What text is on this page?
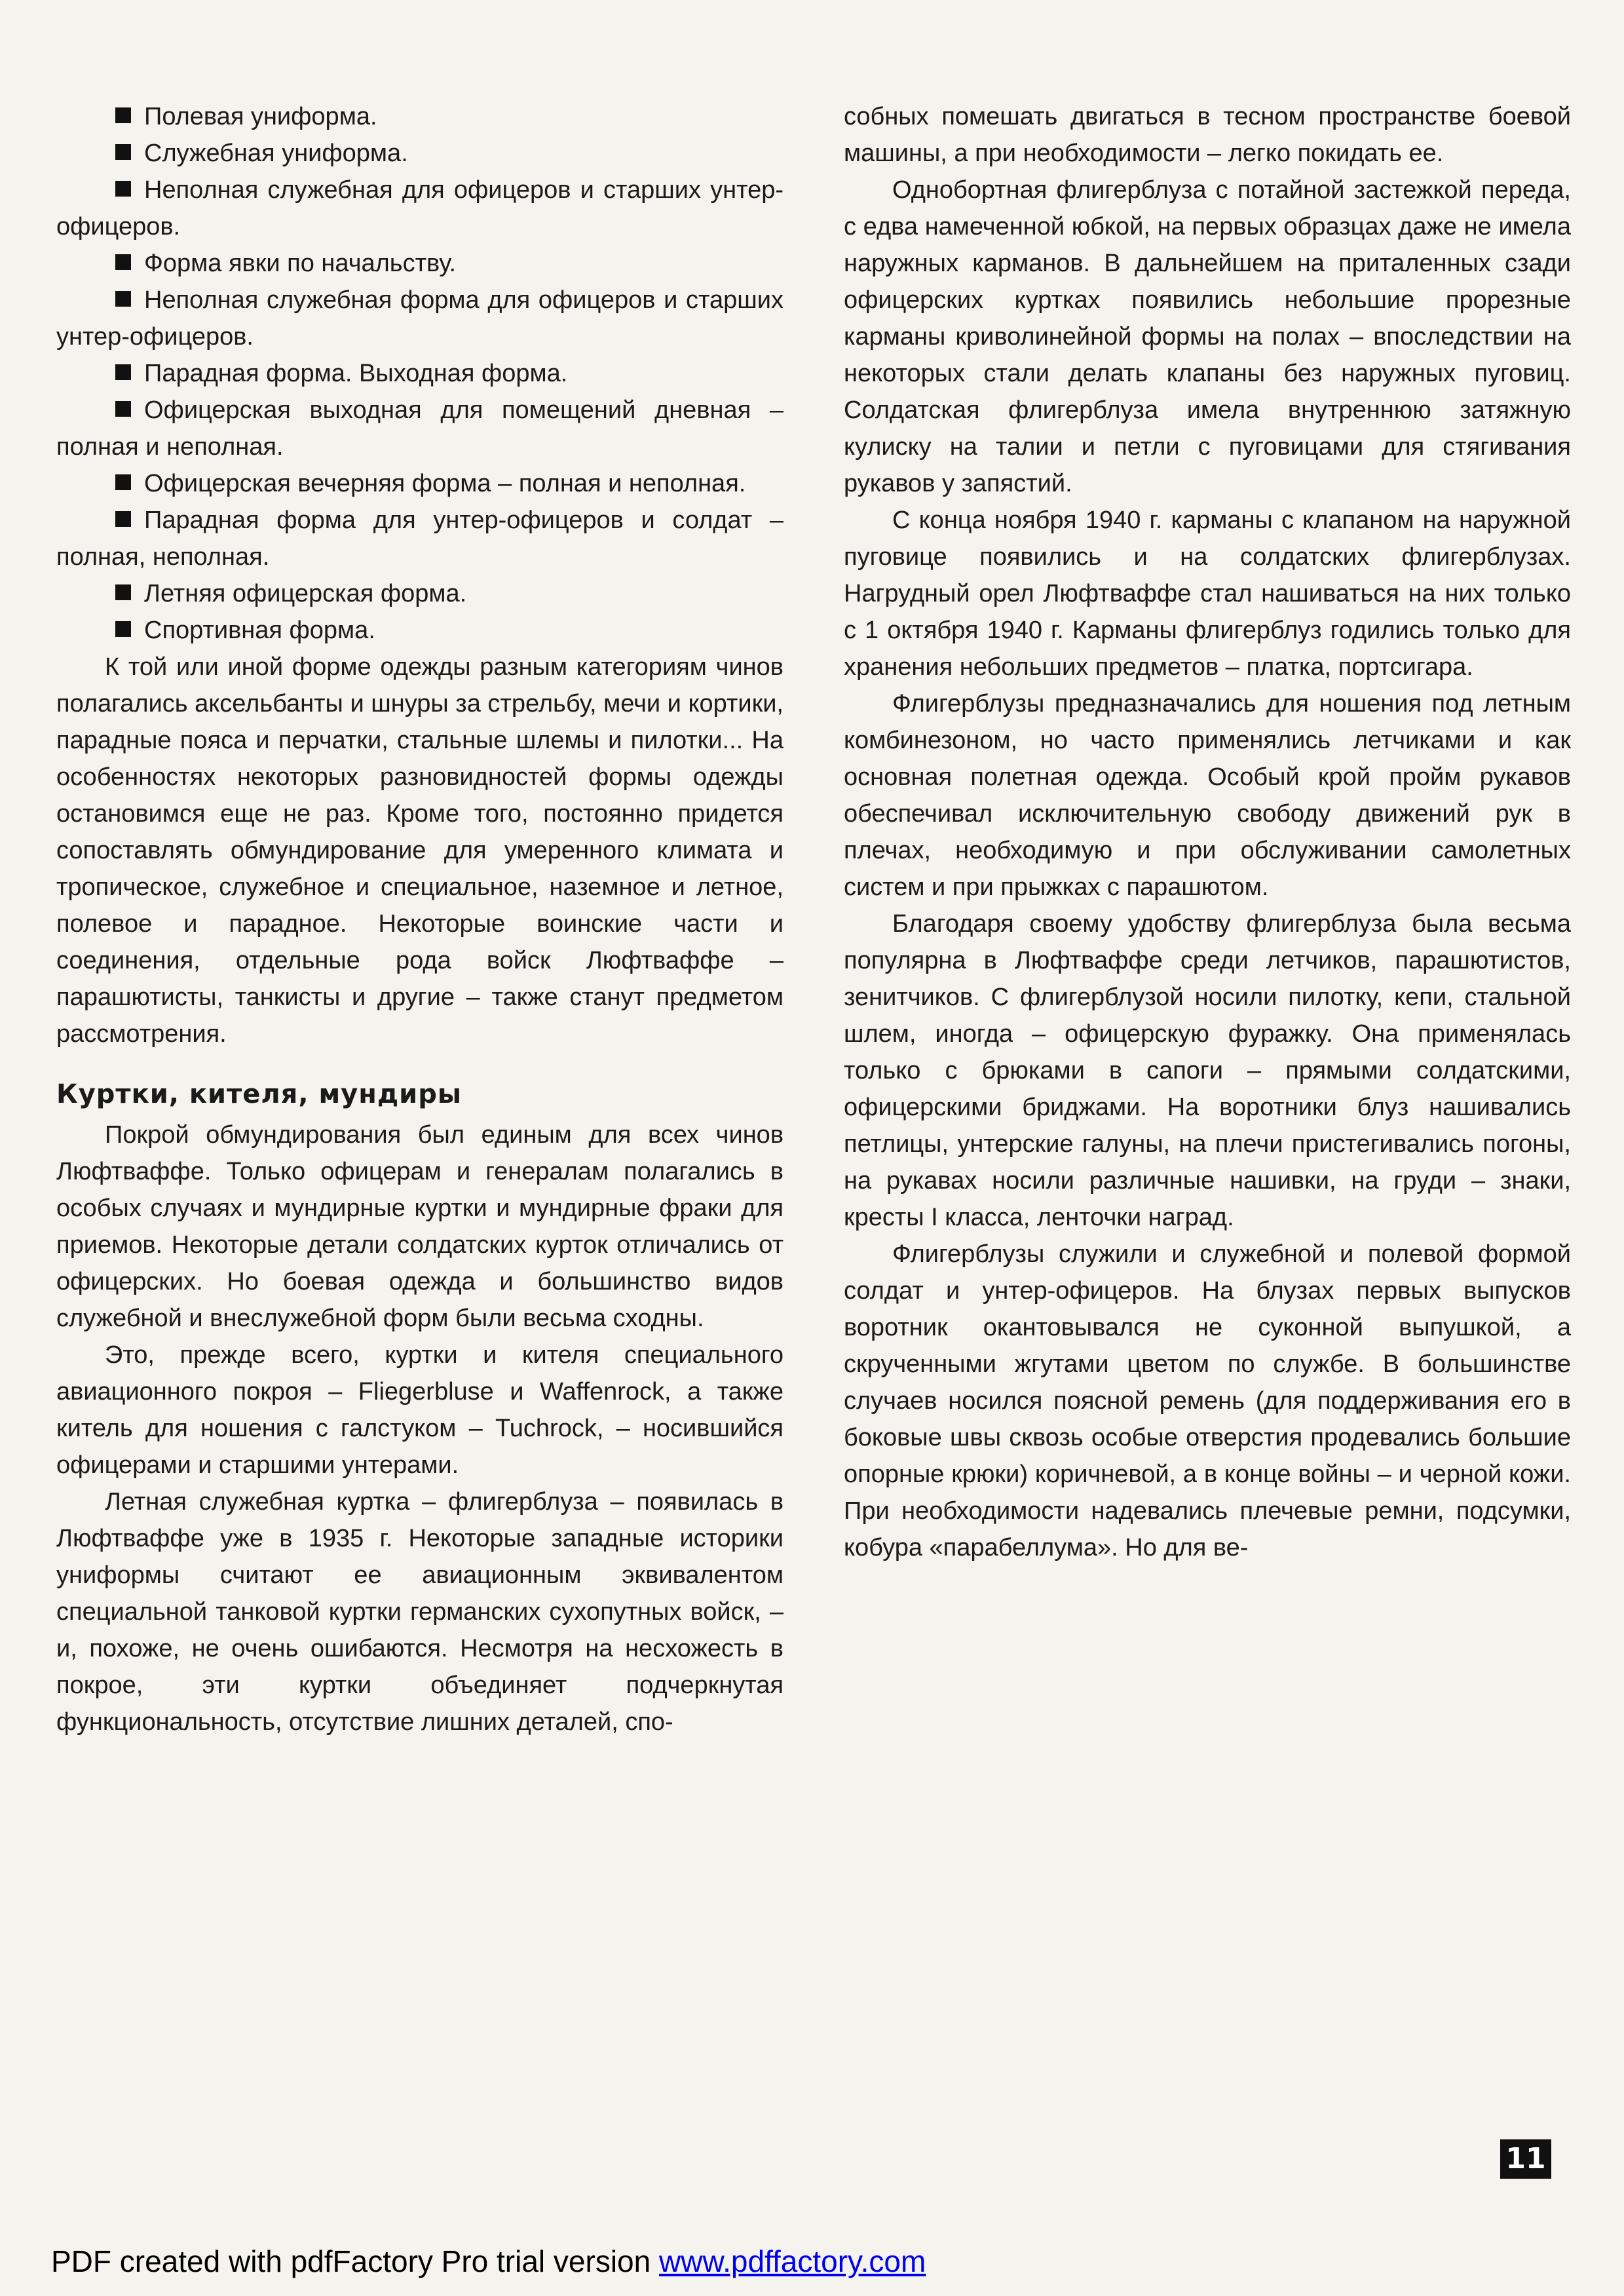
Полевая униформа.
Служебная униформа.
Неполная служебная для офицеров и старших унтер-офицеров.
Форма явки по начальству.
Неполная служебная форма для офицеров и старших унтер-офицеров.
Парадная форма. Выходная форма.
Офицерская выходная для помещений дневная – полная и неполная.
Офицерская вечерняя форма – полная и неполная.
Парадная форма для унтер-офицеров и солдат – полная, неполная.
Летняя офицерская форма.
Спортивная форма.

К той или иной форме одежды разным категориям чинов полагались аксельбанты и шнуры за стрельбу, мечи и кортики, парадные пояса и перчатки, стальные шлемы и пилотки... На особенностях некоторых разновидностей формы одежды остановимся еще не раз. Кроме того, постоянно придется сопоставлять обмундирование для умеренного климата и тропическое, служебное и специальное, наземное и летное, полевое и парадное. Некоторые воинские части и соединения, отдельные рода войск Люфтваффе – парашютисты, танкисты и другие – также станут предметом рассмотрения.

Куртки, кителя, мундиры

Покрой обмундирования был единым для всех чинов Люфтваффе. Только офицерам и генералам полагались в особых случаях и мундирные куртки и мундирные фраки для приемов. Некоторые детали солдатских курток отличались от офицерских. Но боевая одежда и большинство видов служебной и внеслужебной форм были весьма сходны.

Это, прежде всего, куртки и кителя специального авиационного покроя – Fliegerbluse и Waffenrock, а также китель для ношения с галстуком – Tuchrock, – носившийся офицерами и старшими унтерами.

Летная служебная куртка – флигерблуза – появилась в Люфтваффе уже в 1935 г. Некоторые западные историки униформы считают ее авиационным эквивалентом специальной танковой куртки германских сухопутных войск, – и, похоже, не очень ошибаются. Несмотря на несхожесть в покрое, эти куртки объединяет подчеркнутая функциональность, отсутствие лишних деталей, спо-

собных помешать двигаться в тесном пространстве боевой машины, а при необходимости – легко покидать ее.

Однобортная флигерблуза с потайной застежкой переда, с едва намеченной юбкой, на первых образцах даже не имела наружных карманов. В дальнейшем на приталенных сзади офицерских куртках появились небольшие прорезные карманы криволинейной формы на полах – впоследствии на некоторых стали делать клапаны без наружных пуговиц. Солдатская флигерблуза имела внутреннюю затяжную кулиску на талии и петли с пуговицами для стягивания рукавов у запястий.

С конца ноября 1940 г. карманы с клапаном на наружной пуговице появились и на солдатских флигерблузах. Нагрудный орел Люфтваффе стал нашиваться на них только с 1 октября 1940 г. Карманы флигерблуз годились только для хранения небольших предметов – платка, портсигара.

Флигерблузы предназначались для ношения под летным комбинезоном, но часто применялись летчиками и как основная полетная одежда. Особый крой пройм рукавов обеспечивал исключительную свободу движений рук в плечах, необходимую и при обслуживании самолетных систем и при прыжках с парашютом.

Благодаря своему удобству флигерблуза была весьма популярна в Люфтваффе среди летчиков, парашютистов, зенитчиков. С флигерблузой носили пилотку, кепи, стальной шлем, иногда – офицерскую фуражку. Она применялась только с брюками в сапоги – прямыми солдатскими, офицерскими бриджами. На воротники блуз нашивались петлицы, унтерские галуны, на плечи пристегивались погоны, на рукавах носили различные нашивки, на груди – знаки, кресты I класса, ленточки наград.

Флигерблузы служили и служебной и полевой формой солдат и унтер-офицеров. На блузах первых выпусков воротник окантовывался не суконной выпушкой, а скрученными жгутами цветом по службе. В большинстве случаев носился поясной ремень (для поддерживания его в боковые швы сквозь особые отверстия продевались большие опорные крюки) коричневой, а в конце войны – и черной кожи. При необходимости надевались плечевые ремни, подсумки, кобура «парабеллума». Но для ве-

11
PDF created with pdfFactory Pro trial version www.pdffactory.com
